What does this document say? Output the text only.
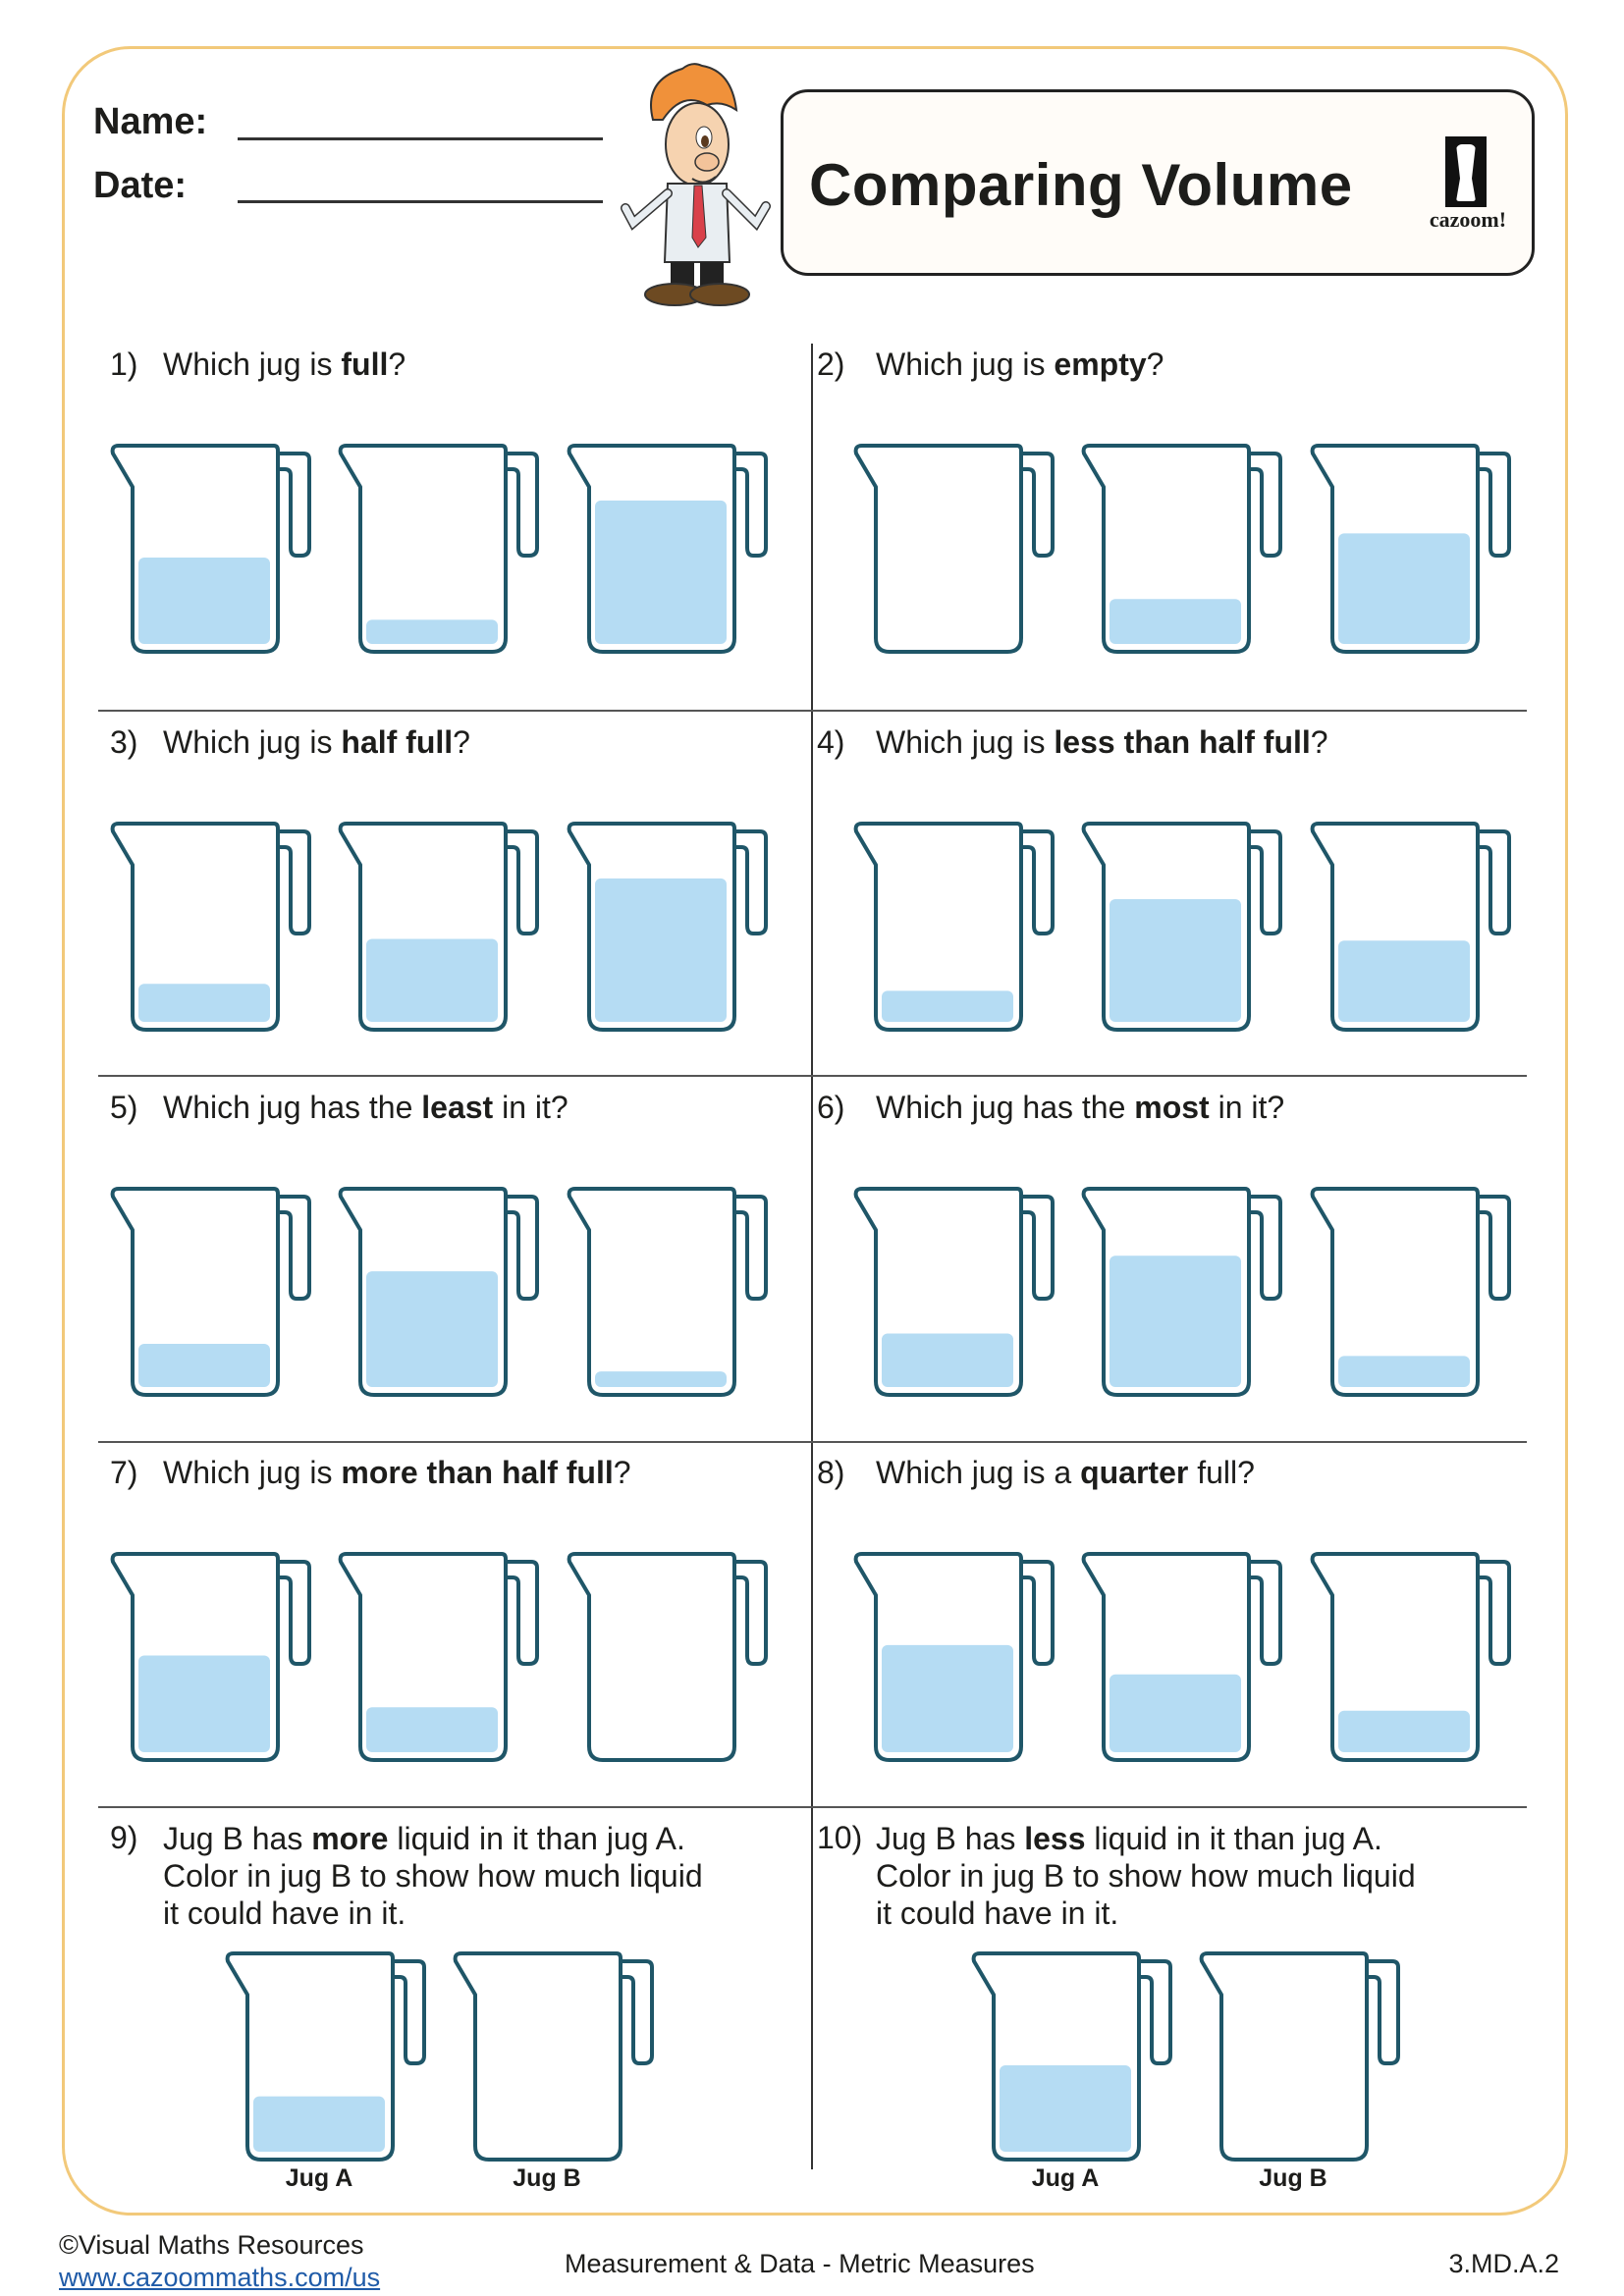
Name:
Date:	Comparing Volume
cazoom!
1) Which jug is full?	2) Which jug is empty?
3) Which jug is half full?	4) Which jug is less than half full?
5) Which jug has the least in it?	6) Which jug has the most in it?
7) Which jug is more than half full?	8) Which jug is a quarter full?
9) Jug B has more liquid in it than jug A.
Color in jug B to show how much liquid
it could have in it.
Jug A	Jug B
10) Jug B has less liquid in it than jug A.
Color in jug B to show how much liquid
it could have in it.
Jug A	Jug B
©Visual Maths Resources
www.cazoommaths.com/us	Measurement & Data - Metric Measures	3.MD.A.2
